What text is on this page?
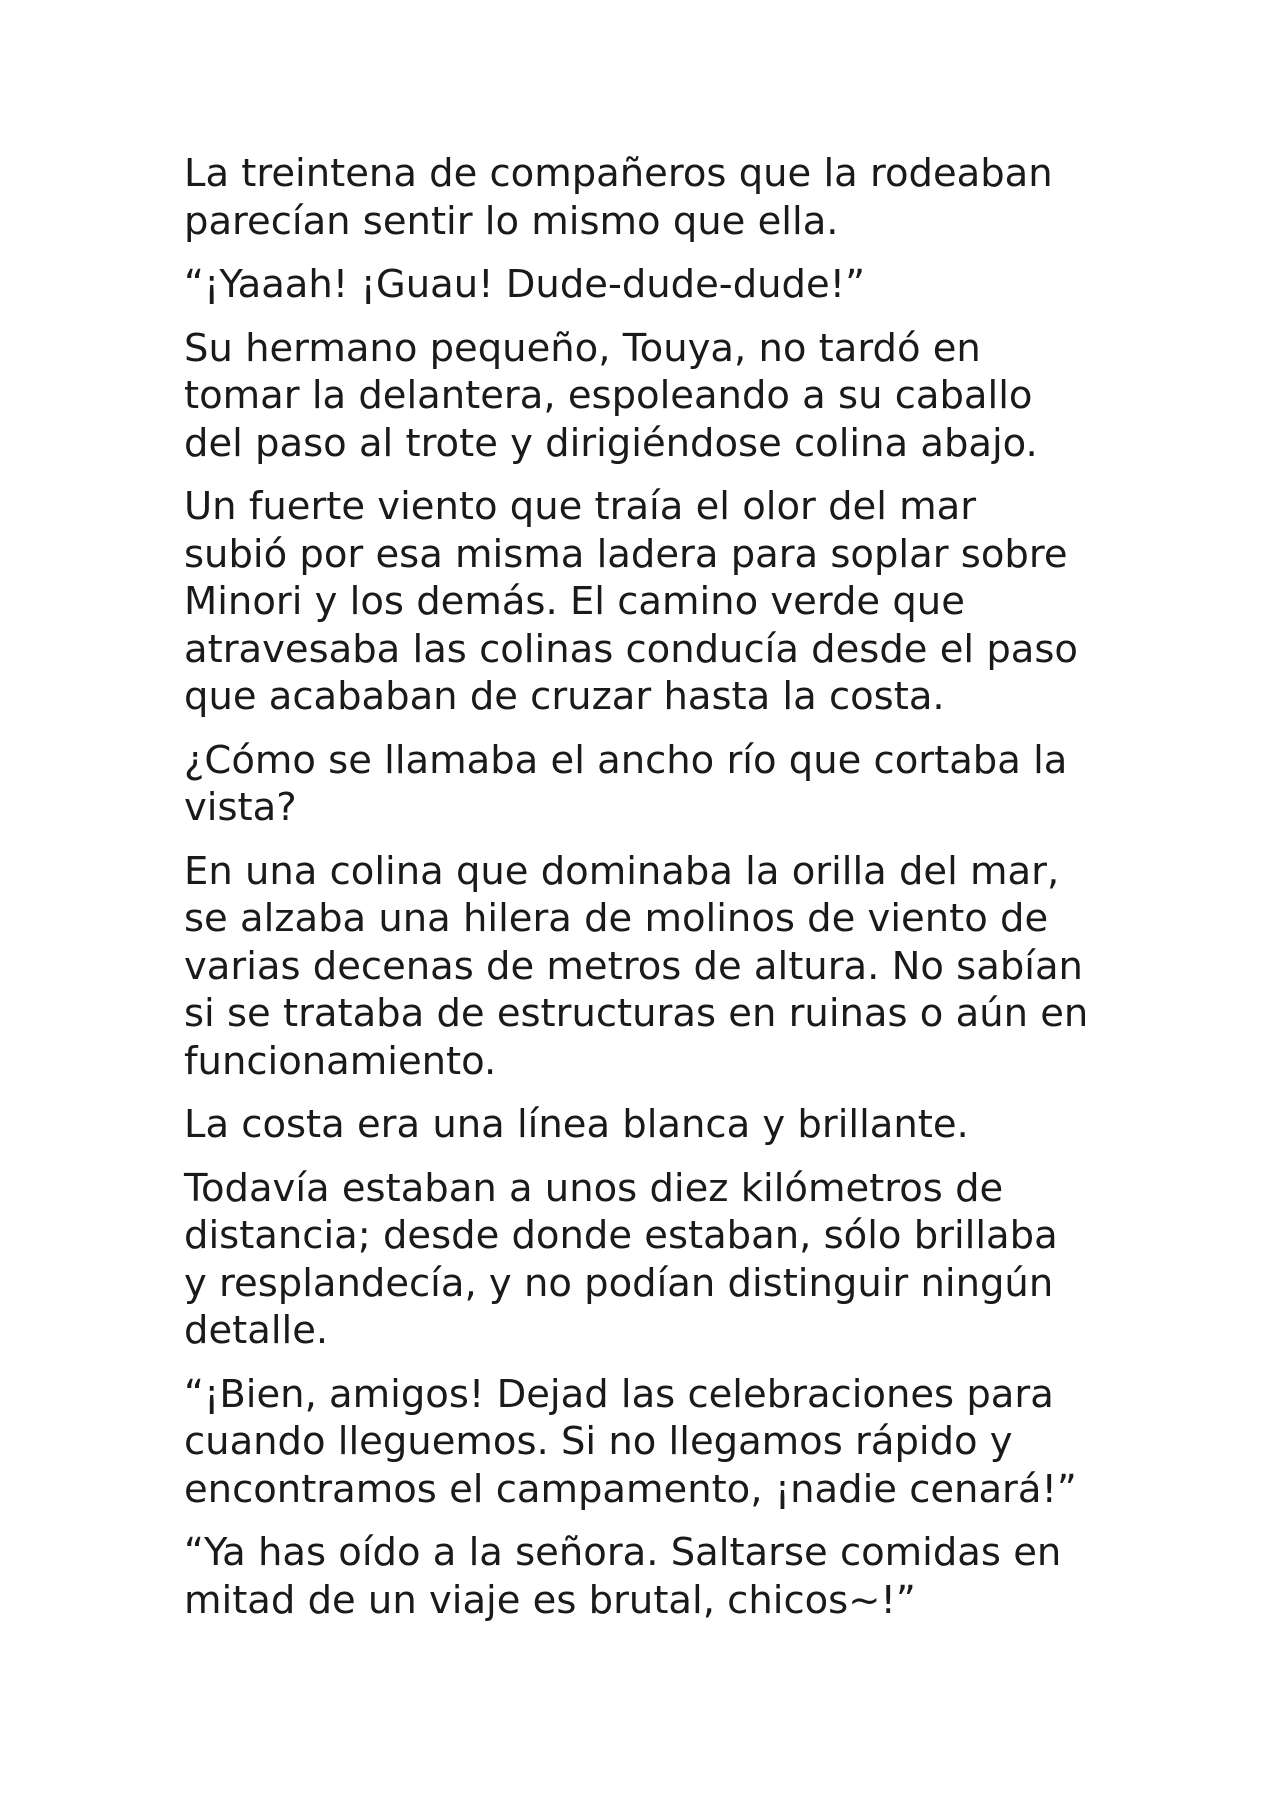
La treintena de compañeros que la rodeaban
parecían sentir lo mismo que ella.

“¡Yaaah! ¡Guau! Dude-dude-dude!”

Su hermano pequeño, Touya, no tardó en
tomar la delantera, espoleando a su caballo
del paso al trote y dirigiéndose colina abajo.

Un fuerte viento que traía el olor del mar
subió por esa misma ladera para soplar sobre
Minori y los demás. El camino verde que
atravesaba las colinas conducía desde el paso
que acababan de cruzar hasta la costa.

¿Cómo se llamaba el ancho río que cortaba la
vista?

En una colina que dominaba la orilla del mar,
se alzaba una hilera de molinos de viento de
varias decenas de metros de altura. No sabían
si se trataba de estructuras en ruinas o aún en
funcionamiento.

La costa era una línea blanca y brillante.

Todavía estaban a unos diez kilómetros de
distancia; desde donde estaban, sólo brillaba
y resplandecía, y no podían distinguir ningún
detalle.

“¡Bien, amigos! Dejad las celebraciones para
cuando lleguemos. Si no llegamos rápido y
encontramos el campamento, ¡nadie cenará!”

“Ya has oído a la señora. Saltarse comidas en
mitad de un viaje es brutal, chicos~!”
